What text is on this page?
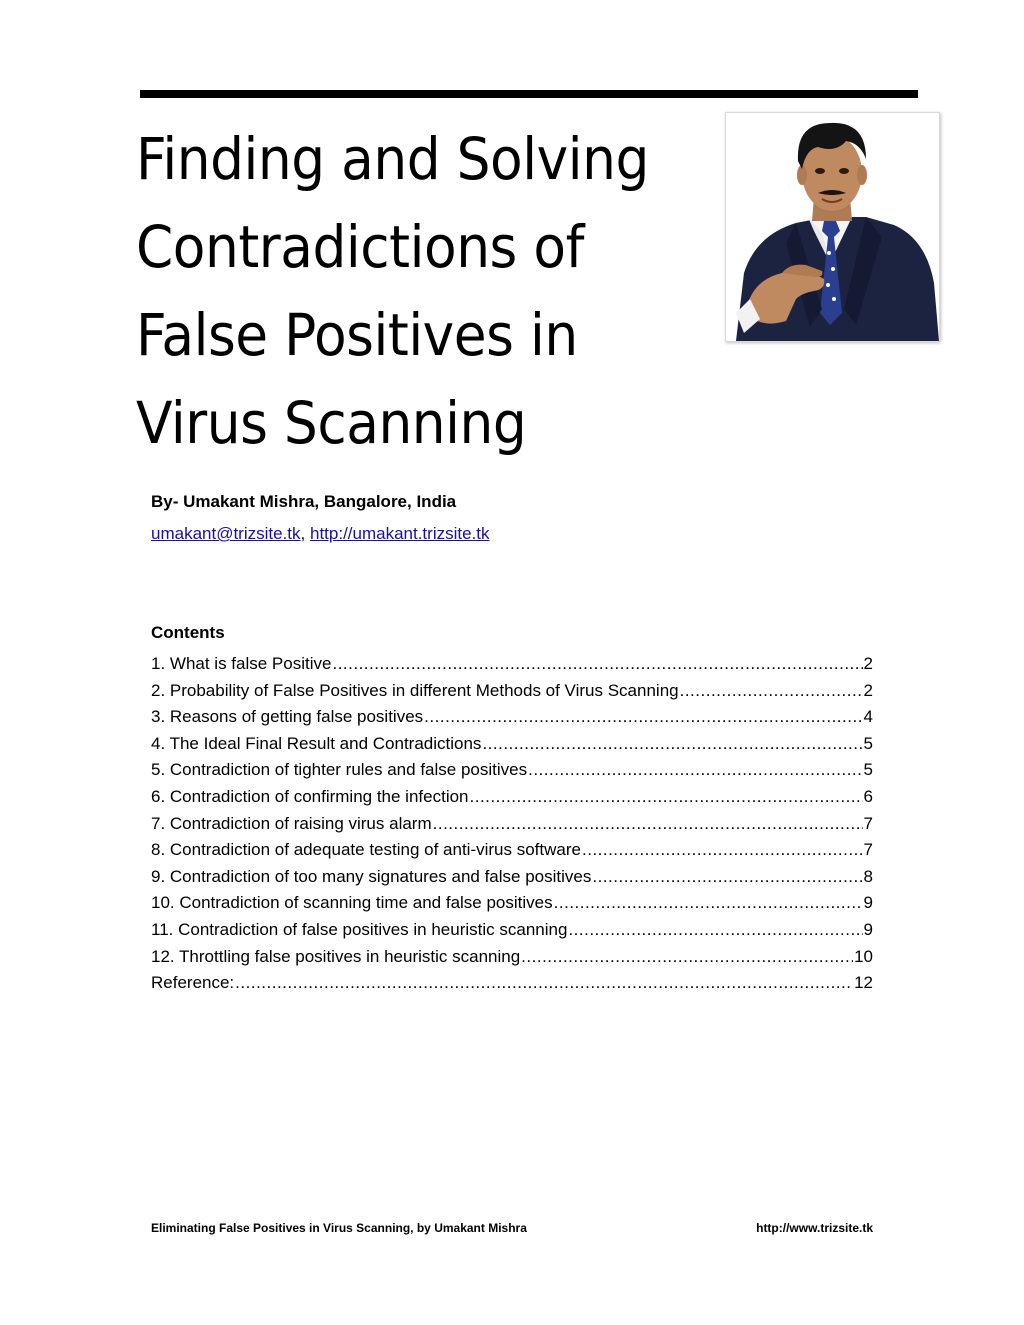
Finding and Solving
Contradictions of
False Positives in
Virus Scanning
By- Umakant Mishra, Bangalore, India
umakant@trizsite.tk, http://umakant.trizsite.tk
Contents
1. What is false Positive .....	2
2. Probability of False Positives in different Methods of Virus Scanning .....	2
3. Reasons of getting false positives .....	4
4. The Ideal Final Result and Contradictions .....	5
5. Contradiction of tighter rules and false positives .....	5
6. Contradiction of confirming the infection .....	6
7. Contradiction of raising virus alarm .....	7
8. Contradiction of adequate testing of anti-virus software .....	7
9. Contradiction of too many signatures and false positives .....	8
10. Contradiction of scanning time and false positives .....	9
11. Contradiction of false positives in heuristic scanning .....	9
12. Throttling false positives in heuristic scanning .....	10
Reference: .....	12
Eliminating False Positives in Virus Scanning, by Umakant Mishra	http://www.trizsite.tk
